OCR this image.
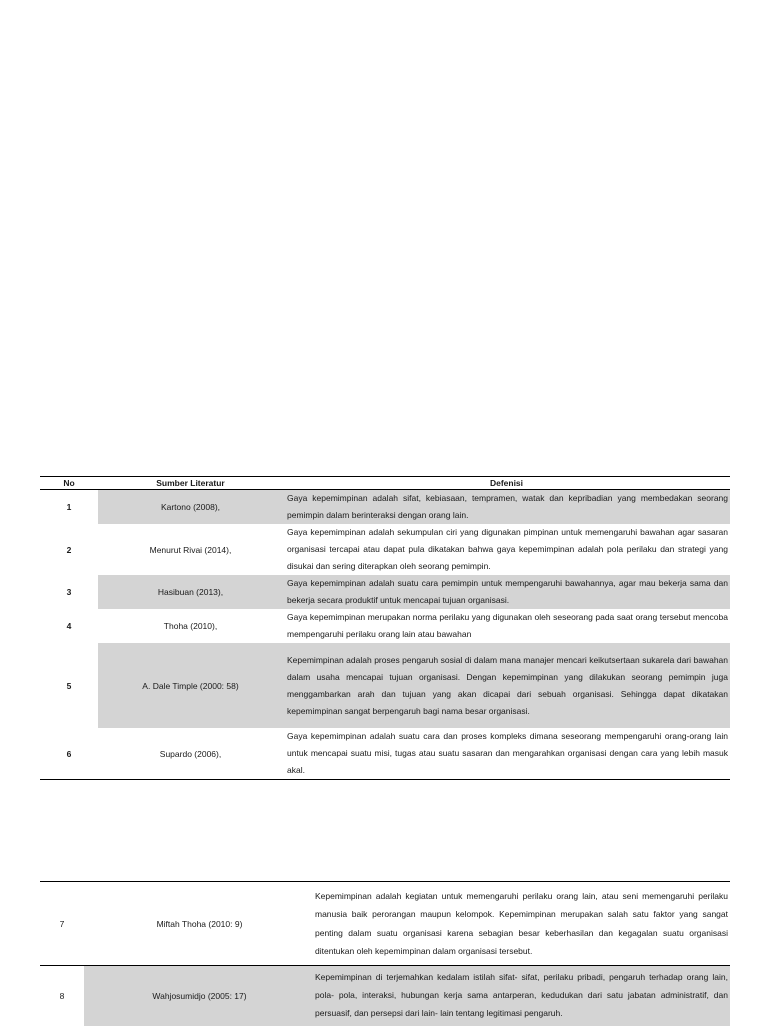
No	Sumber Literatur	Defenisi
1	Kartono (2008),	Gaya kepemimpinan adalah sifat, kebiasaan, tempramen, watak dan kepribadian yang membedakan seorang pemimpin dalam berinteraksi dengan orang lain.
2	Menurut Rivai (2014),	Gaya kepemimpinan adalah sekumpulan ciri yang digunakan pimpinan untuk memengaruhi bawahan agar sasaran organisasi tercapai atau dapat pula dikatakan bahwa gaya kepemimpinan adalah pola perilaku dan strategi yang disukai dan sering diterapkan oleh seorang pemimpin.
3	Hasibuan (2013),	Gaya kepemimpinan adalah suatu cara pemimpin untuk mempengaruhi bawahannya, agar mau bekerja sama dan bekerja secara produktif untuk mencapai tujuan organisasi.
4	Thoha (2010),	Gaya kepemimpinan merupakan norma perilaku yang digunakan oleh seseorang pada saat orang tersebut mencoba mempengaruhi perilaku orang lain atau bawahan
5	A. Dale Timple (2000: 58)	Kepemimpinan adalah proses pengaruh sosial di dalam mana manajer mencari keikutsertaan sukarela dari bawahan dalam usaha mencapai tujuan organisasi. Dengan kepemimpinan yang dilakukan seorang pemimpin juga menggambarkan arah dan tujuan yang akan dicapai dari sebuah organisasi. Sehingga dapat dikatakan kepemimpinan sangat berpengaruh bagi nama besar organisasi.
6	Supardo (2006),	Gaya kepemimpinan adalah suatu cara dan proses kompleks dimana seseorang mempengaruhi orang-orang lain untuk mencapai suatu misi, tugas atau suatu sasaran dan mengarahkan organisasi dengan cara yang lebih masuk akal.
7	Miftah Thoha (2010: 9)	Kepemimpinan adalah kegiatan untuk memengaruhi perilaku orang lain, atau seni memengaruhi perilaku manusia baik perorangan maupun kelompok. Kepemimpinan merupakan salah satu faktor yang sangat penting dalam suatu organisasi karena sebagian besar keberhasilan dan kegagalan suatu organisasi ditentukan oleh kepemimpinan dalam organisasi tersebut.
8	Wahjosumidjo (2005: 17)	Kepemimpinan di terjemahkan kedalam istilah sifat- sifat, perilaku pribadi, pengaruh terhadap orang lain, pola- pola, interaksi, hubungan kerja sama antarperan, kedudukan dari satu jabatan administratif, dan persuasif, dan persepsi dari lain- lain tentang legitimasi pengaruh.
